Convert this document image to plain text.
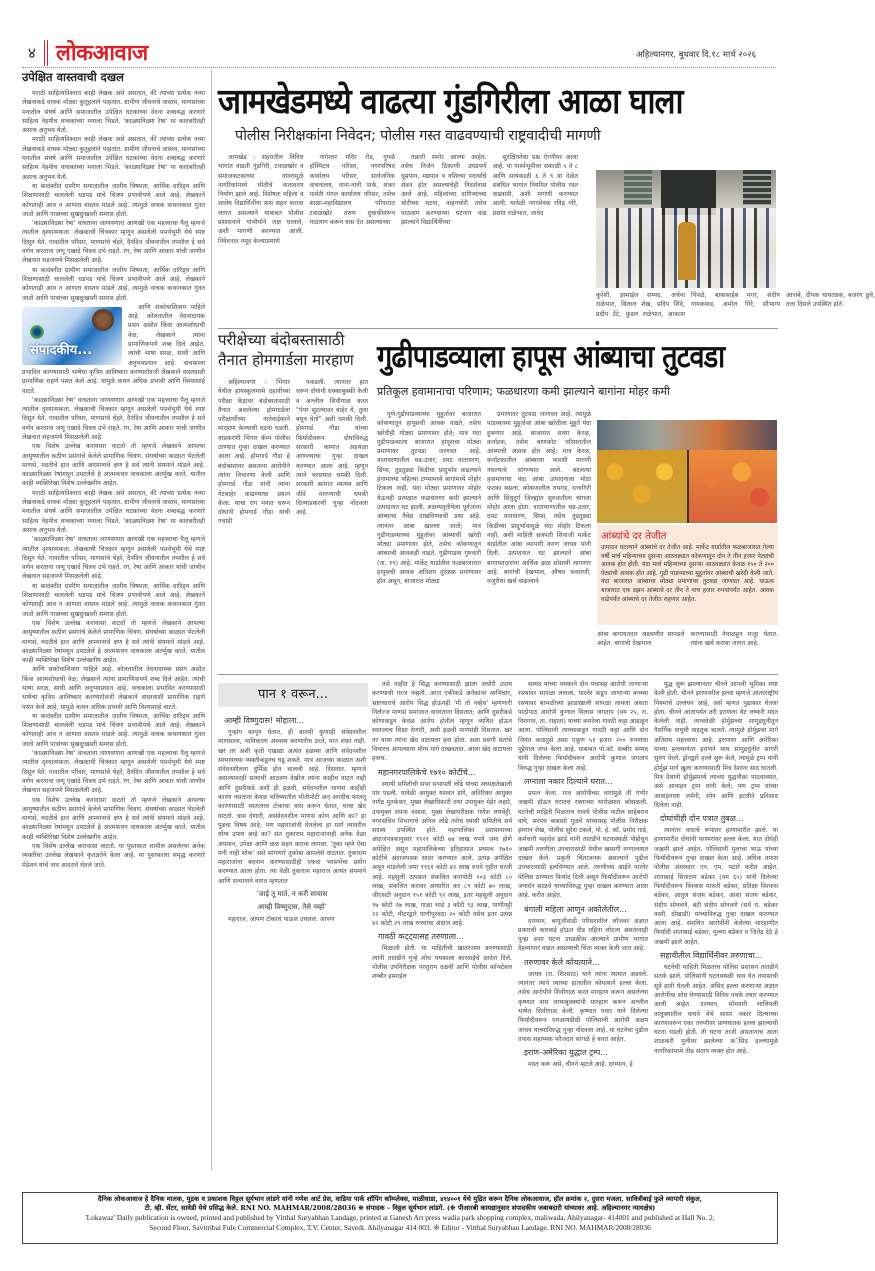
४ लोकआवाज	अहिल्यानगर, बुधवार दि.१८ मार्च २०२६
उपेक्षित वास्तवाची दखल

मराठी साहित्यविश्वात काही लेखक असे असतात, की त्यांच्या प्रत्येक नव्या लेखनाकडे वाचक मोठ्या कुतूहलाने पाहतात. ग्रामीण जीवनाचे वास्तव, माणसांच्या मनातील संघर्ष आणि समाजातील उपेक्षित घटकांच्या वेदना शब्दबद्ध करणारे साहित्य नेहमीच वाचकांच्या मनाला भिडते. 'काळ्यानिळ्या रेषा' या कादंबरीतही असाच अनुभव येतो.

मराठी साहित्यविश्वात काही लेखक असे असतात, की त्यांच्या प्रत्येक नव्या लेखनाकडे वाचक मोठ्या कुतूहलाने पाहतात. ग्रामीण जीवनाचे वास्तव, माणसांच्या मनातील संघर्ष आणि समाजातील उपेक्षित घटकांच्या वेदना शब्दबद्ध करणारे साहित्य नेहमीच वाचकांच्या मनाला भिडते. 'काळ्यानिळ्या रेषा' या कादंबरीतही असाच अनुभव येतो.

या कादंबरीत ग्रामीण समाजातील जातीय विषमता, आर्थिक दारिद्र्य आणि शिक्षणासाठी चाललेली धडपड यांचे चित्रण प्रभावीपणे आले आहे. लेखकाने कोणताही आव न आणता वास्तव मांडले आहे. त्यामुळे वाचक कथानकात गुंतत जातो आणि पात्रांच्या सुखदुःखाशी समरस होतो.

'काळ्यानिळ्या रेषा' वाचताना जाणवणारा आणखी एक महत्त्वाचा पैलू म्हणजे त्यातील दृश्यात्मकता. लेखकाची चित्रकार म्हणून असलेली पार्श्वभूमी येथे स्पष्ट दिसून येते. गावातील परिसर, माणसांचे चेहरे, दैनंदिन जीवनातील तपशील हे सर्व वर्णन करताना जणू एखादे चित्रच उभे राहते. रंग, रेषा आणि आकार यांची जाणीव लेखनात सहजपणे मिसळलेली आहे.

या कादंबरीत ग्रामीण समाजातील जातीय विषमता, आर्थिक दारिद्र्य आणि शिक्षणासाठी चाललेली धडपड यांचे चित्रण प्रभावीपणे आले आहे. लेखकाने कोणताही आव न आणता वास्तव मांडले आहे. त्यामुळे वाचक कथानकात गुंतत जातो आणि पात्रांच्या सुखदुःखाशी समरस होतो.

संपादकीय...

आणि संकोचाशिवाय पाहिले आहे. कोलतातील वेदनादायक प्रसंग असोत किंवा आत्मशोधाची वेळ; लेखकाने त्यांना प्रामाणिकपणे शब्द दिले आहेत. त्यांची भाषा सरळ, साधी आणि अनुभवप्रधान आहे. वाचकाला प्रभावित करण्यासाठी भाषेचा कृत्रिम आविष्कार करण्याऐवजी लेखकाने वास्तवाशी प्रामाणिक राहणे पसंत केले आहे. यामुळे कथन अधिक प्रभावी आणि विश्वासार्ह वाटते.

'काळ्यानिळ्या रेषा' वाचताना जाणवणारा आणखी एक महत्त्वाचा पैलू म्हणजे त्यातील दृश्यात्मकता. लेखकाची चित्रकार म्हणून असलेली पार्श्वभूमी येथे स्पष्ट दिसून येते. गावातील परिसर, माणसांचे चेहरे, दैनंदिन जीवनातील तपशील हे सर्व वर्णन करताना जणू एखादे चित्रच उभे राहते. रंग, रेषा आणि आकार यांची जाणीव लेखनात सहजपणे मिसळलेली आहे.

एक विशेष उल्लेख करावासा वाटतो तो म्हणजे लेखकाने आपल्या आयुष्यातील कठीण प्रसंगांचे केलेले प्रामाणिक चित्रण. संघर्षाच्या काळात भेटलेली माणसे, मदतीचे हात आणि अपमानाचे क्षण हे सर्व त्यांनी संयमाने मांडले आहे. काळ्यानिळ्या रेषांमधून उमटलेले हे आत्मकथन वाचकाला अंतर्मुख करते. यातील काही व्यक्तिरेखा विशेष उल्लेखनीय आहेत.

मराठी साहित्यविश्वात काही लेखक असे असतात, की त्यांच्या प्रत्येक नव्या लेखनाकडे वाचक मोठ्या कुतूहलाने पाहतात. ग्रामीण जीवनाचे वास्तव, माणसांच्या मनातील संघर्ष आणि समाजातील उपेक्षित घटकांच्या वेदना शब्दबद्ध करणारे साहित्य नेहमीच वाचकांच्या मनाला भिडते. 'काळ्यानिळ्या रेषा' या कादंबरीतही असाच अनुभव येतो.

'काळ्यानिळ्या रेषा' वाचताना जाणवणारा आणखी एक महत्त्वाचा पैलू म्हणजे त्यातील दृश्यात्मकता. लेखकाची चित्रकार म्हणून असलेली पार्श्वभूमी येथे स्पष्ट दिसून येते. गावातील परिसर, माणसांचे चेहरे, दैनंदिन जीवनातील तपशील हे सर्व वर्णन करताना जणू एखादे चित्रच उभे राहते. रंग, रेषा आणि आकार यांची जाणीव लेखनात सहजपणे मिसळलेली आहे.

या कादंबरीत ग्रामीण समाजातील जातीय विषमता, आर्थिक दारिद्र्य आणि शिक्षणासाठी चाललेली धडपड यांचे चित्रण प्रभावीपणे आले आहे. लेखकाने कोणताही आव न आणता वास्तव मांडले आहे. त्यामुळे वाचक कथानकात गुंतत जातो आणि पात्रांच्या सुखदुःखाशी समरस होतो.

एक विशेष उल्लेख करावासा वाटतो तो म्हणजे लेखकाने आपल्या आयुष्यातील कठीण प्रसंगांचे केलेले प्रामाणिक चित्रण. संघर्षाच्या काळात भेटलेली माणसे, मदतीचे हात आणि अपमानाचे क्षण हे सर्व त्यांनी संयमाने मांडले आहे. काळ्यानिळ्या रेषांमधून उमटलेले हे आत्मकथन वाचकाला अंतर्मुख करते. यातील काही व्यक्तिरेखा विशेष उल्लेखनीय आहेत.

आणि संकोचाशिवाय पाहिले आहे. कोलतातील वेदनादायक प्रसंग असोत किंवा आत्मशोधाची वेळ; लेखकाने त्यांना प्रामाणिकपणे शब्द दिले आहेत. त्यांची भाषा सरळ, साधी आणि अनुभवप्रधान आहे. वाचकाला प्रभावित करण्यासाठी भाषेचा कृत्रिम आविष्कार करण्याऐवजी लेखकाने वास्तवाशी प्रामाणिक राहणे पसंत केले आहे. यामुळे कथन अधिक प्रभावी आणि विश्वासार्ह वाटते.

या कादंबरीत ग्रामीण समाजातील जातीय विषमता, आर्थिक दारिद्र्य आणि शिक्षणासाठी चाललेली धडपड यांचे चित्रण प्रभावीपणे आले आहे. लेखकाने कोणताही आव न आणता वास्तव मांडले आहे. त्यामुळे वाचक कथानकात गुंतत जातो आणि पात्रांच्या सुखदुःखाशी समरस होतो.

'काळ्यानिळ्या रेषा' वाचताना जाणवणारा आणखी एक महत्त्वाचा पैलू म्हणजे त्यातील दृश्यात्मकता. लेखकाची चित्रकार म्हणून असलेली पार्श्वभूमी येथे स्पष्ट दिसून येते. गावातील परिसर, माणसांचे चेहरे, दैनंदिन जीवनातील तपशील हे सर्व वर्णन करताना जणू एखादे चित्रच उभे राहते. रंग, रेषा आणि आकार यांची जाणीव लेखनात सहजपणे मिसळलेली आहे.

एक विशेष उल्लेख करावासा वाटतो तो म्हणजे लेखकाने आपल्या आयुष्यातील कठीण प्रसंगांचे केलेले प्रामाणिक चित्रण. संघर्षाच्या काळात भेटलेली माणसे, मदतीचे हात आणि अपमानाचे क्षण हे सर्व त्यांनी संयमाने मांडले आहे. काळ्यानिळ्या रेषांमधून उमटलेले हे आत्मकथन वाचकाला अंतर्मुख करते. यातील काही व्यक्तिरेखा विशेष उल्लेखनीय आहेत.

एक विशेष उल्लेख करावासा वाटतो. या पुस्तकात सामील असलेल्या अनेक व्यक्तींचा उल्लेख लेखकाने कृतज्ञतेने केला आहे. या पुस्तकाला समृद्ध करणारे मेंडेशन यांचे नाव आदराने घेतले जाते.

जामखेडमध्ये वाढत्या गुंडगिरीला आळा घाला
पोलीस निरीक्षकांना निवेदन; पोलीस गस्त वाढवण्याची राष्ट्रवादीची मागणी

जामखेड : शहरातील विविध भागांत वाढती गुंडगिरी, टवाळखोर व समाजकंटकांच्या वावरामुळे नागरिकांमध्ये भीतीचे वातावरण निर्माण झाले आहे. विशेषतः महिला व शालेय विद्यार्थिनींना त्रास सहन करावा लागत असल्याने याबाबत पोलीस प्रशासनाने गांभीर्याने लक्ष घालावे, अशी मागणी करण्यात आली. निवेदनात नमूद केल्याप्रमाणे

नागेश्वर मंदिर रोड, गुगळे हॉस्पिटल परिसर, नगरपरिषद कार्यालय परिसर, सार्वजनिक वाचनालय, नाना-नानी पार्क, शंकर पार्वती मंगल कार्यालय परिसर, तसेच शाळा-महाविद्यालय परिसरात टवाळखोर तरुण दुचाकीवरून पाठलाग करून त्रास देत असल्याच्या

तक्रारी समोर आल्या आहेत. तसेच निर्जन ठिकाणी उघडपणे धूम्रपान, मद्यपान व नशिल्या पदार्थांचे सेवन होत असल्याचेही निदर्शनास आले आहे. महिलांच्या दागिन्यांच्या चोरीच्या घटना, वाहनचोरी तसेच पाठलाग करण्याच्या घटनांत वाढ झाल्याने विद्यार्थिनींच्या

सुरक्षिततेचा प्रश्न ऐरणीवर आला आहे. या पार्श्वभूमीवर सकाळी ५ ते ८ आणि सायंकाळी ६ ते ९ या वेळेत संबंधित भागांत नियमित पोलीस गस्त वाढवावी, अशी मागणी करण्यात आली. यावेळी नगरसेवक रविंद्र गोरे, प्रशांत राळेभात, जावेद

कुरेशी, इस्माईल सय्यद, अर्चना राळेभात, बिलाल शेख, प्रदिप शिंदे, प्रदीप टेंटे, कुंडल राळेभात, आकाश पिंपळे, बाबासाहेब मगर, संदीप गायकवाड, अमोल गिरे, सौभाग्य आजबे, दीपक घायतडक, बजरंग डुचे, दत्ता दिसले उपस्थित होते.
परीक्षेच्या बंदोबस्तासाठी तैनात होमगार्डला मारहाण

अहिल्यानगर : भिंगार येथील हायस्कूलमध्ये दहावीच्या परीक्षा केंद्रावर बंदोबस्तासाठी तैनात असलेल्या होमगार्डला परीक्षार्थीच्या नातेवाईकाने मारहाण केल्याची घटना घडली. याप्रकरणी भिंगार कॅम्प पोलीस ठाण्यात गुन्हा दाखल करण्यात आला आहे. होमगार्ड गौडा हे बंदोबस्तावर असताना आरोपीने त्यांना विचारणा केली आणि होमगार्ड गौडा यांनी त्यांना गेटबाहेर काढण्याचा प्रयत्न केला. याचा राग मनात धरून दोघांनी होमगार्ड गौडा यांची गचांडी

पकडली. त्यानंतर हात धरून दोघांनी धक्काबुक्की केली व अश्लील शिवीगाळ करत "पेपर सुटल्यावर बाहेर ये, तुला बघून घेतो" अशी धमकी दिली. होमगार्ड गौडा यांच्या फिर्यादीवरून दोघांविरुद्ध सरकारी कामात अडथळा आणल्याचा गुन्हा दाखल करण्यात आला आहे. म्हणून त्याने भरस्त्यात धमकी दिली. सरकारी कामात व्यत्यय आणि जीवे मारण्याची धमकी दिल्याप्रकरणी गुन्हा नोंदवला आहे.

गुढीपाडव्याला हापूस आंब्याचा तुटवडा
प्रतिकूल हवामानाचा परिणाम; फळधारणा कमी झाल्याने बागांना मोहर कमी

पुणे:गुढीपाडव्याच्या मुहूर्तावर बाजारात कोकणातून हापूसची आवक वाढते, तसेच खरेदीही मोठ्या प्रमाणावर होते; मात्र यंदा गुढीपाडव्याला बाजारात हापूसचा मोठ्या प्रमाणावर तुटवडा जाणवत आहे. वातावरणातील चढ-उतार, दमट वातावरण, थ्रिप्स, तुडतुड्या किडीचा प्रादुर्भाव वाढल्याने हंगामाच्या पहिल्या टप्प्यामध्ये बागांमध्ये मोहोर टिकला नाही. यंदा मोठ्या प्रमाणावर मोहोर येऊनही प्रत्यक्षात फळधारणा कमी झाल्याने उत्पादनात घट झाली. अक्षय्यतृतीयेला पूर्वजांना आंब्याचा नैवेद्य दाखविण्याची प्रथा आहे. त्यानंतर आंबा खाल्ला जातो; मात्र गुढीपाडव्याच्या मुहूर्तावर आंब्याची खरेदी मोठ्या प्रमाणावर होते, तसेच कोकणातून आंब्याची आवकही वाढते. गुढीपाडवा गुरुवारी (ता. १९) आहे. मार्केट यार्डातील फळबाजारात हापूसची आवक अतिशय तुरळक प्रमाणावर होत असून, बाजारात मोठ्या

प्रमाणावर तुटवडा जाणवत आहे. त्यामुळे पाडव्याच्या मुहूर्तावर आंबा खरेदीला मुहूर्त यंदा हुकणार आहे. बाजारात सध्या केरळ, कर्नाटक, तसेच बाणकोट परिसरातील आंब्याची आवक होत आहे; मात्र केरळ, कर्नाटकातील आंब्याला फारशी मागणी नसल्याचे सांगण्यात आले. बदलत्या हवामानाचा यंदा आंबा उत्पादनाला मोठा फटका बसला. कोकणातील रायगड, रत्नागिरी आणि सिंधुदुर्ग जिल्ह्यात सुरुवातीला चांगला मोहोर आला होता. वातावरणातील चढ-उतार, दमट वातावरण, थ्रिप्स, तसेच तुडतुड्या किडीच्या प्रादुर्भावामुळे यंदा मोहोर टिकला नाही, अशी माहिती छत्रपती शिवाजी मार्केट यार्डातील आंबा व्यापारी करण जाधव यांनी दिली. उत्पादनात घट झाल्याने आंबा बागायतदारांना आर्थिक झळ सोसावी लागणार आहे. बागांची देखभाल, औषध फवारणी, मजुरीचा खर्च वाढल्याने

आंब्यांचे दर तेजीत
उत्पादन घटल्याने आंब्यांचे दर तेजीत आहे. मार्केट यार्डातील फळबाजारात गेल्या वर्षी मार्च महिन्याच्या दुसऱ्या आठवड्यात कोकणातून दोन ते तीन हजार पेट्यांची आवक होत होती. यंदा मार्च महिन्याच्या दुसऱ्या आठवड्यात केवळ १५० ते २०० पेट्यांची आवक होत आहे. गुढी पाडव्याच्या मुहूर्तावर आंब्याची खरेदी केली जाते. यंदा बाजारात आंब्याचा मोठ्या प्रमाणावर तुटवडा जाणवत आहे. घाऊक बाजारात एक डझन आंब्याचे दर तीन ते पाच हजार रुपयांपर्यंत आहेत. आवक वाढेपर्यंत आंब्याचे दर तेजीत राहणार आहेत.
आंबा बागायतदार अडचणीत सापडले आहेत. बागांची देखभाल
करण्यासाठी नेपाळहून मजूर येतात. त्यांना खर्च करावा लागत आहे.
पान १ वरून...
आम्ही विष्णुदास! मोहाला...

गुन्हांग कापून घेतात, ही बातमी कुणाही संवेदनशील माणसाला, भाविकाला अस्वस्थ करणारीच ठरते, यात शंका नाही. खरं तर अशी कृती एखाद्या अत्यंत हळव्या आणि संवेदनशील स्वभावाच्या व्यक्तीकडूनच घडू शकते. मात्र आजच्या काळात अशी संवेदनशीलता दुर्मिळ होत चालली आहे. दिसतात. म्हणजे असल्यावरही सत्याची आठवण देखील त्यांना काहीच वाटत नाही आणि दुसरीकडे अशी ही हळवी, संवेदनशील माणसं काहीही कारण नसताना केवळ भविष्यातील भीतीपोटी अन् अगदीच फालतू कारणासाठी स्वतःलाच टोकाचा त्रास करून घेतात, याचा खेद वाटतो. त्रास देणारी, असंवेदनशील माणसं कोण आणि का? हा पुढचा विषय आहे; पण महाराजांनी घेतलेला हा मार्ग त्यावरील योग्य उपाय आहे का? संत तुकाराम महाराजांनाही अनेक वेळा अपमान, उपेक्षा आणि छळ सहन करावा लागला. 'तुका म्हणे ऐसा मनी नाही शोक' असे सांगणारे तुकोबा आपलेसे वाटतात. तुकाराम महाराजांना बदनाम करण्यासाठीही एकदा भरसभेचा प्रयोग करण्यात आला होता. त्या वेळी तुकाराम महाराज अत्यंत संयमाने आणि सन्मानाने वागत म्हणतात

'जाई तू माते, न करी सायास
आम्ही विष्णुदास, तैसे नव्हो'

महाराज, आपण टोकाचं पाऊल उचललं. आपण

तसे नाहीत हे सिद्ध करण्यासाठी झाला अघोरी उपाय करण्याची गरज नव्हती. आज एकीकडे अनेकांवर व्यभिचार, भ्रष्टाचाराचे आरोप सिद्ध होऊनही 'मी तो नव्हेच' म्हणणारी निर्लज्ज माणसं समाजात वावरताना दिसतात; आणि दुसरीकडे कोणाकडून केवळ आरोप होतील म्हणून व्यथित होऊन स्वतःलाच शिक्षा देणारी, अशी हळवी माणसंही दिसतात. खरं तर याचा त्यांना खेद वाटायला हवा होता. अशा प्रसंगी संतांचे विचारच आपल्याला योग्य मार्ग दाखवतात. आला खेद वाटायला हवाच.

महानगरपालिकेचे १७१० कोटींचे...

स्थायी समितीची सभा सभापती लोंढे यांच्या अध्यक्षतेखाली पार पडली. यावेळी आयुक्त यशवंत डांगे, अतिरिक्त आयुक्त नागेंद्र मुतकेकर, मुख्य लेखाधिकारी तथा उपायुक्त मेहेर लहारे, उपायुक्त सपना वसावा, मुख्य लेखापरीक्षक गणेश लयचेट्टी, नगरसचिव विभागाचे अनिल लोंढे तसेच स्थायी समितीचे सर्व सदस्य उपस्थित होते. महापालिका प्रशासनाच्या अंदाजपत्रकानुसार १९२१ कोटी ७४ लाख रुपये जमा होणे अपेक्षित असून महापालिकेच्या इतिहासात प्रथमच १७१० कोटींचे अंदाजपत्रक सादर करण्यात आले. उत्पन्न अपेक्षित असून मांडलेली जमा ११६१ कोटी ४२ लाख रुपये गृहीत धरली आहे. महसुली उत्पन्नात संकलित करापोटी २०३ कोटी ८० लाख, संकलित करावर आधारित कर ८९ कोटी ७० लाख, जीएसटी अनुदान १५१ कोटी ९२ लाख, इतर महसुली अनुदान १७ कोटी २७ लाख, गाळा भाडे ३ कोटी ९३ लाख, पाणीपट्टी २२ कोटी, मीटरद्वारे पाणीपुरवठा २० कोटी तसेच इतर उत्पन्न ४२ कोटी २९ लाख रुपयांचा अंदाज आहे.

गावठी कट्ट्यासह तरुणाला...

मिळाली होती. या माहितीची खातरजमा करण्यासाठी त्यांनी तातडीने गुन्हे शोध पथकाला कारवाईचे आदेश दिले. पोलीस उपनिरीक्षक परशुराम दळवी आणि पोलीस कॉन्स्टेबल शब्बीर इस्माईल

सय्यद यांच्या पथकाने दोन पंचासह आरोपी जाणाऱ्या रस्त्यावर सापळा लावला. पारनेर कडून जाणाऱ्या कच्च्या रस्त्यावर बाभळीच्या झाडाखाली सापळा लावला असता पाठोपाठ आरोपी कुणाल विलास जगताप (वय २५, रा. निमगाव, ता. राहाता) याच्या कमरेला गावठी कट्टा आढळून आला. पोलिसांनी त्याच्याकडून गावठी कट्टा आणि दोन जिवंत काडतुसे असा एकूण ५१ हजार २०० रुपयांचा मुद्देमाल जप्त केला आहे. याबाबत पो.कॉ. शब्बीर सय्यद यांनी दिलेल्या फिर्यादीवरून आरोपी कुणाल जगताप विरुद्ध गुन्हा दाखल केला आहे.

लग्नाला नकार दिल्याने घरात...

प्रयत्न केला. मात्र आरोपीच्या वारांमुळे ती गंभीर जखमी होऊन घरातच रक्ताच्या थारोळ्यात कोसळली. घटनेची माहिती मिळताच गावचे पोलीस पाटील साहेबराव वाघे, सरपंच बाबासो गुळवे यांच्यासह पोलीस निरीक्षक इमरान शेख, पोलीस सुरेश टकले, पो. हे. कॉ. प्रमोद गाडे, कर्मचारी महादेव झांडे यांनी तातडीने घटनास्थळी पोहोचून जखमी तरुणीला उपचारासाठी येथील खासगी रुग्णालयात दाखल केले. प्रकृती चिंताजनक असल्याने पुढील उपचारासाठी हलविण्यात आले. तरुणीच्या आईने पारनेर पोलिस ठाण्यात फिर्याद दिली असून फिर्यादीवरून आरोपी जनार्दन साळवे याच्याविरुद्ध गुन्हा दाखल करण्यात आला आहे. करीत आहेत.

बंगाली महिला आणून अकोलेतील...

दरम्यान, बापूजीवाडी परिसरातील लॉजवर अज्ञात प्रकारची कारवाई होऊन दीड महिना लोटला असतानाही पुन्हा अशा घटना उघडकीस आल्याने ग्रामीण भागात देहव्यापार वाढत असल्याची चिंता व्यक्त केली जात आहे.

तरुणावर केले कोयत्याने...

जाधव (रा. शिरसाठ) याने त्यांना रस्त्यात अडवले. त्यानंतर त्याने त्याच्या हातातील कोयत्याने हल्ला केला. तसेच आरोपीने शिवीगाळ करत मारहाण करून असलेल्या कृष्णात वास लाथाबुक्क्यांनी मारहाण करून अश्लील भाषेत शिवीगाळ केली. कृष्णात पवार याने दिलेल्या फिर्यादीवरून एमआयडीसी पोलिसांनी आरोपी अक्षय जाधव याच्याविरुद्ध गुन्हा नोंदवला आहे. या घटनेचा पुढील तपास सहाय्यक फौजदार सांगळे हे करत आहेत.

इराण-अमेरिका युद्धात ट्रम्प...

मदत करू असे, चीनने म्हटले आहे. दरम्यान, हे

युद्ध सुरू झाल्यानंतर चीनने आपली भूमिका स्पष्ट केली होती. चीनने इराणवरील हल्ला म्हणजे आंतरराष्ट्रीय नियमांचे उल्लंघन आहे, असे म्हणत पुढाकार घेतला होता. चीनने आतापर्यंत तरी इराणला थेट लष्करी मदत केलेली नाही. त्याचवेळी होर्मुझच्या सामुद्रधुनीतून नैसर्गिक वायूची वाहतूक चालते. त्यामुळे होर्मुझचा मार्ग अतिशय महत्त्वाचा आहे. इराणवर आणि अमेरिका यांच्या हल्ल्यानंतर इराणने याच सामुद्रधुनीत सागरी सुरुंग पेरले. ड्रोनद्वारे हल्ले सुरू केले, त्यामुळे ट्रम्प यांनी होर्मुझ मार्ग खुला करण्यासाठी मित्र देशांना साद घातली. मित्र देशांनी होर्मुझमध्ये त्यांच्या युद्धनौका पाठवाव्यात, असे आवाहन ट्रम्प यांनी केले; पण ट्रम्प यांच्या आवाहनाला जर्मनी, स्पेन आणि इटलीने प्रतिसाद दिलेला नाही.

दोघांचीही दोन पत्रात तुंबळ...

त्यानंतर वादाचे रूपांतर हाणामारीत झाले. या हाणामारीत दोघांनी परस्परांवर हल्ला केला. यात दोघेही जखमी झाले आहेत. पोलिसांनी मुलाचा भाऊ यांच्या फिर्यादीवरून गुन्हा दाखल केला आहे. अधिक तपास पोलीस अंमलदार एन. एम. पठारे करीत आहेत. शांताबाई सिताराम बडेकर (वय ६५) यांनी दिलेल्या फिर्यादीवरून विश्वास मारुती बडेकर, प्रतिक्षा विश्वास बडेकर, आतुल संजय बडेकर, आशा संजय बडेकर, संदीप सोनवणे, बंटी संदीप सोनवणे (सर्व रा. बडेकर वस्ती, दोखाडी) यांच्याविरुद्ध गुन्हा दाखल करण्यात आला आहे. संशयित आरोपींनी केलेल्या मारहाणीत फिर्यादी शांताबाई बडेकर, मुलगा बडेकर व जितेंद्र देठे हे जखमी झाले आहेत.

सहावीतील विद्यार्थिनीवर तरुणाचा...

घटनेची माहिती मिळताच पोलिस प्रशासन तातडीने सतर्क झाले. पोलिसांनी घटनास्थळी धाव घेत तपासाची सूत्रे हाती घेतली आहेत. अंसिद हल्ला करणाऱ्या अज्ञात आरोपींचा शोध घेण्यासाठी विविध पथके तयार करण्यात आली आहेत. दरम्यान, सोमवारी भालिवली तालुक्यातील वाघवे येथे सासर नकार दिल्याच्या कारणावरून एका तरुणीवर प्राणघातक हल्ला झाल्याची घटना घडली होती. ती घटना ताजी असतानाच आता शाळकरी मुलीवर झालेल्या अॅसिड हल्ल्यामुळे नागरिकांमध्ये तीव्र संताप व्यक्त होत आहे.

दैनिक लोकआवाज हे दैनिक मालक, मुद्रक व प्रकाशक विठ्ठल सूर्यभान लांडगे यांनी गणेश आर्ट प्रेस, वाडिया पार्क शॉपिंग कॉम्प्लेक्स, माळीवाडा, ४१४००१ येथे मुद्रित करून दैनिक लोकआवाज, हॉल क्रमांक २, दुसरा मजला, सावित्रीबाई फुले व्यापारी संकुल,
टी. व्ही. सेंटर, सावेडी येथे प्रसिद्ध केले. RNI NO. MAHMAR/2008/28036 ❊ संपादक – विठ्ठल सूर्यभान लांडगे. (❊ पीआरबी कायद्यानुसार संपादकीय जबाबदारी यांच्यावर आहे. अहिल्यानगर न्यायक्षेत्र)
'Lokawaz' Daily publication is owned, printed and published by Vitthal Suryabhan Landage, printed at Ganesh Art press wadia park shopping complex, maliwada, Ahilyanagar- 414001 and published at Hall No. 2,
Second Floor, Savitribai Fule Commercial Complex, T.V. Center, Savedi. Ahilyanagar 414 003. ❊ Editor - Vitthal Suryabhan Landage. RNI NO. MAHMAR/2008/28036
